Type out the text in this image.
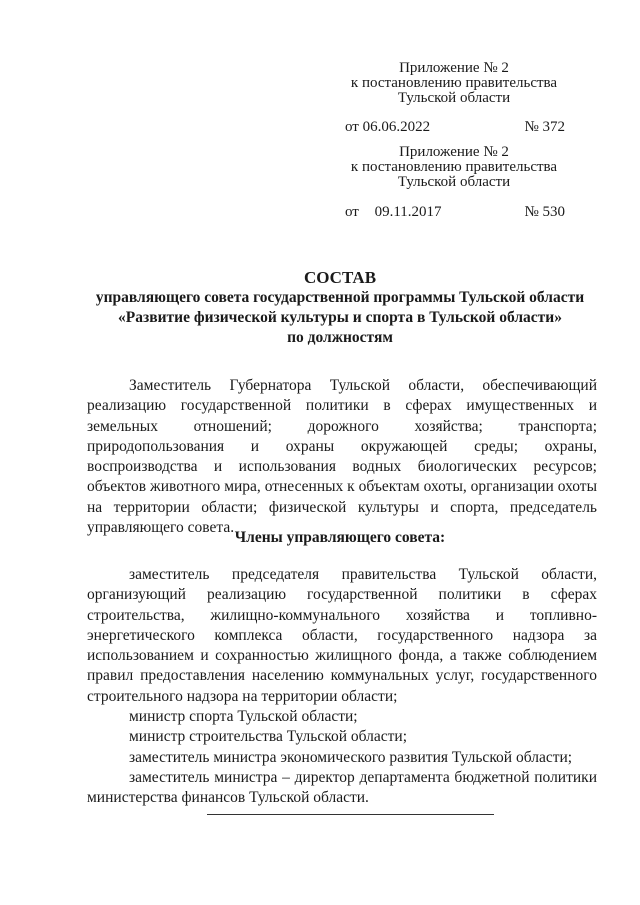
Приложение № 2
к постановлению правительства
Тульской области
от 06.06.2022	№ 372
Приложение № 2
к постановлению правительства
Тульской области
от 09.11.2017	№ 530
СОСТАВ
управляющего совета государственной программы Тульской области
«Развитие физической культуры и спорта в Тульской области»
по должностям
Заместитель Губернатора Тульской области, обеспечивающий реализацию государственной политики в сферах имущественных и земельных отношений; дорожного хозяйства; транспорта; природопользования и охраны окружающей среды; охраны, воспроизводства и использования водных биологических ресурсов; объектов животного мира, отнесенных к объектам охоты, организации охоты на территории области; физической культуры и спорта, председатель управляющего совета.
Члены управляющего совета:

заместитель председателя правительства Тульской области, организующий реализацию государственной политики в сферах строительства, жилищно-коммунального хозяйства и топливно-энергетического комплекса области, государственного надзора за использованием и сохранностью жилищного фонда, а также соблюдением правил предоставления населению коммунальных услуг, государственного строительного надзора на территории области;

министр спорта Тульской области;

министр строительства Тульской области;

заместитель министра экономического развития Тульской области;

заместитель министра – директор департамента бюджетной политики министерства финансов Тульской области.
